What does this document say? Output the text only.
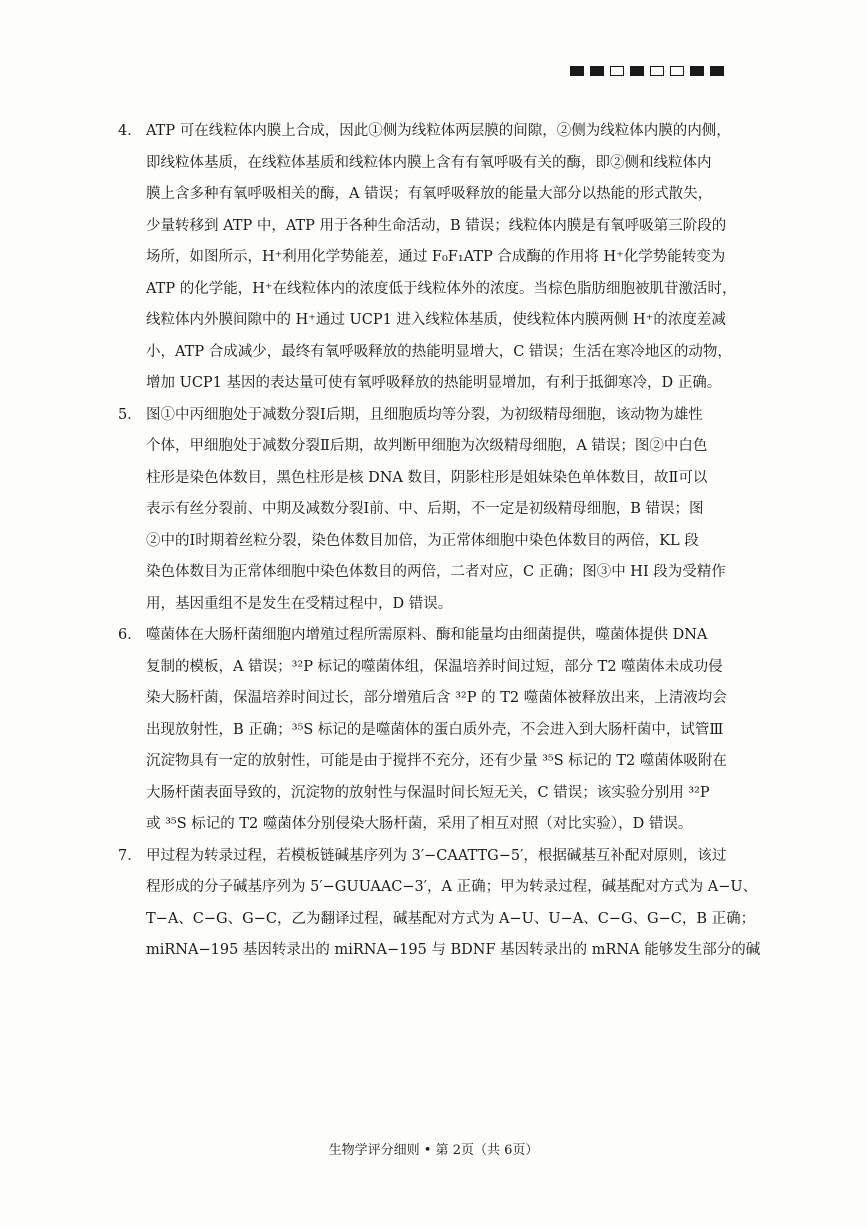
4． ATP 可在线粒体内膜上合成，因此①侧为线粒体两层膜的间隙，②侧为线粒体内膜的内侧，
即线粒体基质，在线粒体基质和线粒体内膜上含有有氧呼吸有关的酶，即②侧和线粒体内
膜上含多种有氧呼吸相关的酶，A 错误；有氧呼吸释放的能量大部分以热能的形式散失，
少量转移到 ATP 中，ATP 用于各种生命活动，B 错误；线粒体内膜是有氧呼吸第三阶段的
场所，如图所示，H⁺利用化学势能差，通过 F₀F₁ATP 合成酶的作用将 H⁺化学势能转变为
ATP 的化学能，H⁺在线粒体内的浓度低于线粒体外的浓度。当棕色脂肪细胞被肌苷激活时，
线粒体内外膜间隙中的 H⁺通过 UCP1 进入线粒体基质，使线粒体内膜两侧 H⁺的浓度差减
小，ATP 合成减少，最终有氧呼吸释放的热能明显增大，C 错误；生活在寒冷地区的动物，
增加 UCP1 基因的表达量可使有氧呼吸释放的热能明显增加，有利于抵御寒冷，D 正确。
5． 图①中丙细胞处于减数分裂Ⅰ后期，且细胞质均等分裂，为初级精母细胞，该动物为雄性
个体，甲细胞处于减数分裂Ⅱ后期，故判断甲细胞为次级精母细胞，A 错误；图②中白色
柱形是染色体数目，黑色柱形是核 DNA 数目，阴影柱形是姐妹染色单体数目，故Ⅱ可以
表示有丝分裂前、中期及减数分裂Ⅰ前、中、后期，不一定是初级精母细胞，B 错误；图
②中的Ⅰ时期着丝粒分裂，染色体数目加倍，为正常体细胞中染色体数目的两倍，KL 段
染色体数目为正常体细胞中染色体数目的两倍，二者对应，C 正确；图③中 HI 段为受精作
用，基因重组不是发生在受精过程中，D 错误。
6． 噬菌体在大肠杆菌细胞内增殖过程所需原料、酶和能量均由细菌提供，噬菌体提供 DNA
复制的模板，A 错误；³²P 标记的噬菌体组，保温培养时间过短，部分 T2 噬菌体未成功侵
染大肠杆菌，保温培养时间过长，部分增殖后含 ³²P 的 T2 噬菌体被释放出来，上清液均会
出现放射性，B 正确；³⁵S 标记的是噬菌体的蛋白质外壳，不会进入到大肠杆菌中，试管Ⅲ
沉淀物具有一定的放射性，可能是由于搅拌不充分，还有少量 ³⁵S 标记的 T2 噬菌体吸附在
大肠杆菌表面导致的，沉淀物的放射性与保温时间长短无关，C 错误；该实验分别用 ³²P
或 ³⁵S 标记的 T2 噬菌体分别侵染大肠杆菌，采用了相互对照（对比实验），D 错误。
7． 甲过程为转录过程，若模板链碱基序列为 3′−CAATTG−5′，根据碱基互补配对原则，该过
程形成的分子碱基序列为 5′−GUUAAC−3′，A 正确；甲为转录过程，碱基配对方式为 A−U、
T−A、C−G、G−C，乙为翻译过程，碱基配对方式为 A−U、U−A、C−G、G−C，B 正确；
miRNA−195 基因转录出的 miRNA−195 与 BDNF 基因转录出的 mRNA 能够发生部分的碱
生物学评分细则 • 第 2页（共 6页）
